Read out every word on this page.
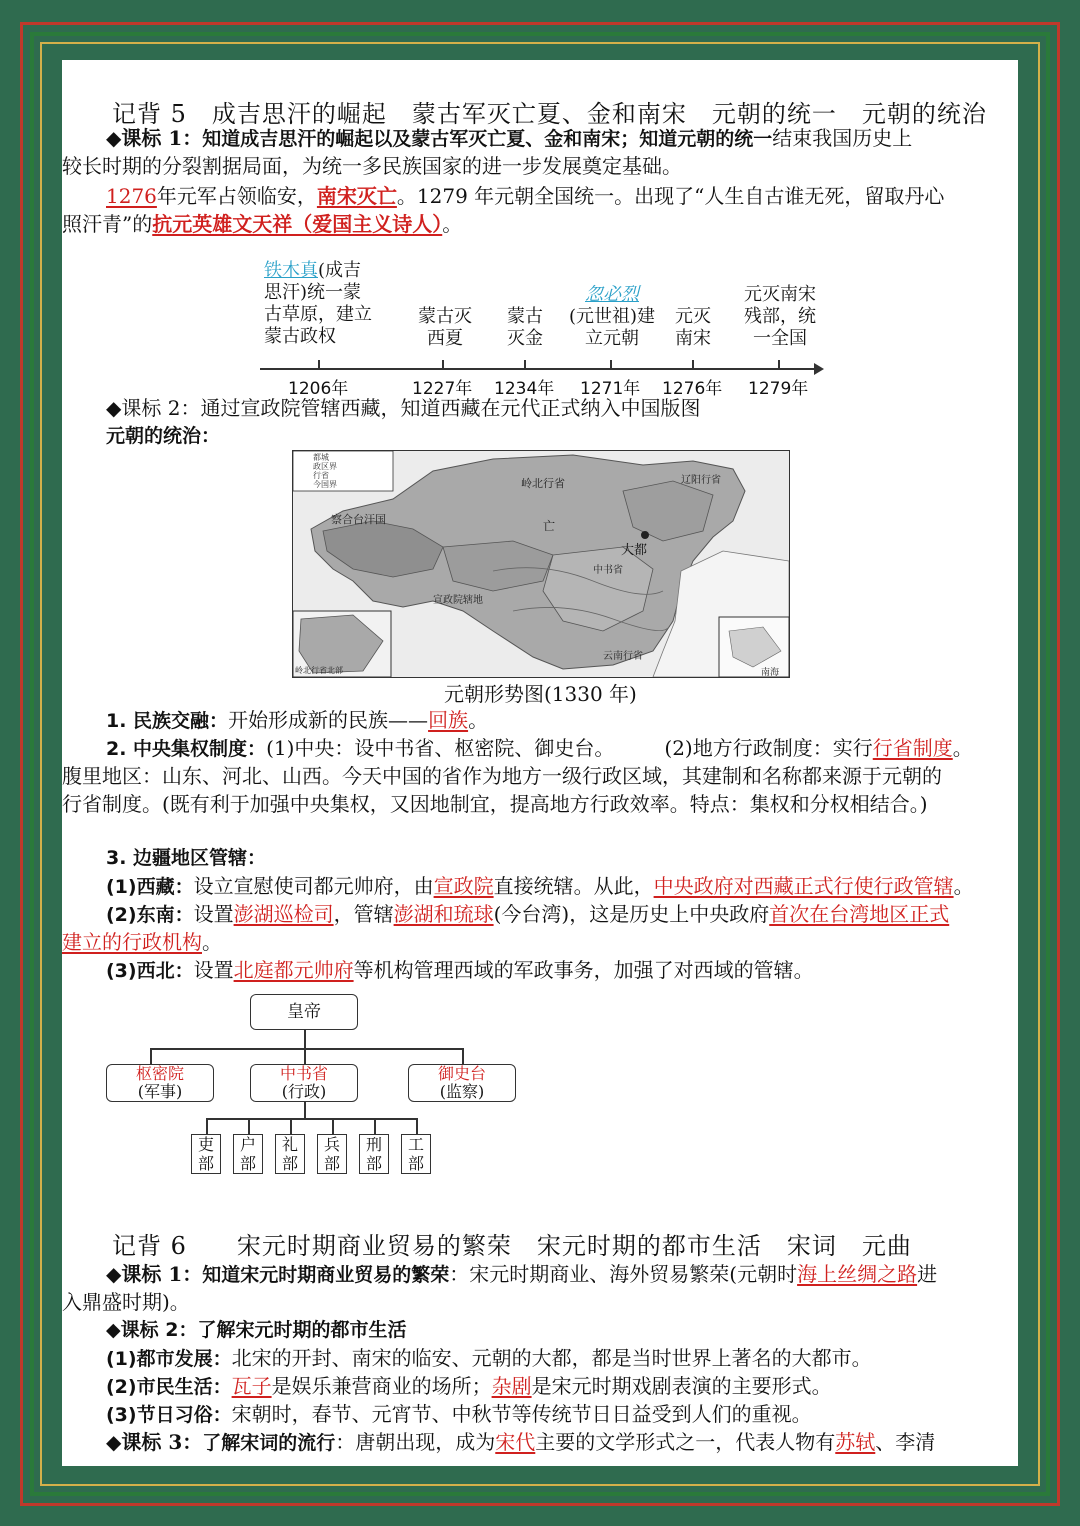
记背 5　成吉思汗的崛起　蒙古军灭亡夏、金和南宋　元朝的统一　元朝的统治
◆课标 1：知道成吉思汗的崛起以及蒙古军灭亡夏、金和南宋；知道元朝的统一结束我国历史上
较长时期的分裂割据局面，为统一多民族国家的进一步发展奠定基础。
1276年元军占领临安，南宋灭亡。1279 年元朝全国统一。出现了“人生自古谁无死，留取丹心
照汗青”的抗元英雄文天祥（爱国主义诗人）。
铁木真(成吉思汗)统一蒙古草原，建立蒙古政权
蒙古灭西夏
蒙古灭金
忽必烈
(元世祖)建立元朝
元灭南宋
元灭南宋残部，统一全国
1206年	1227年 1234年 1271年 1276年 1279年
◆课标 2：通过宣政院管辖西藏，知道西藏在元代正式纳入中国版图
元朝的统治：
都城
政区界
行省
今国界
大都
察合台汗国
岭北行省	辽阳行省
中书省
亡
宣政院辖地
云南行省
岭北行省北部	南海
元朝形势图(1330 年)
1. 民族交融：开始形成新的民族——回族。
2. 中央集权制度：(1)中央：设中书省、枢密院、御史台。	(2)地方行政制度：实行行省制度。
腹里地区：山东、河北、山西。今天中国的省作为地方一级行政区域，其建制和名称都来源于元朝的
行省制度。(既有利于加强中央集权，又因地制宜，提高地方行政效率。特点：集权和分权相结合。)
3. 边疆地区管辖：
(1)西藏：设立宣慰使司都元帅府，由宣政院直接统辖。从此，中央政府对西藏正式行使行政管辖。
(2)东南：设置澎湖巡检司，管辖澎湖和琉球(今台湾)，这是历史上中央政府首次在台湾地区正式
建立的行政机构。
(3)西北：设置北庭都元帅府等机构管理西域的军政事务，加强了对西域的管辖。
皇帝
枢密院
(军事)
中书省
(行政)
御史台
(监察)
吏
部
户
部
礼
部
兵
部
刑
部
工
部
记背 6 宋元时期商业贸易的繁荣　宋元时期的都市生活　宋词　元曲
◆课标 1：知道宋元时期商业贸易的繁荣：宋元时期商业、海外贸易繁荣(元朝时海上丝绸之路进
入鼎盛时期)。
◆课标 2：了解宋元时期的都市生活
(1)都市发展：北宋的开封、南宋的临安、元朝的大都，都是当时世界上著名的大都市。
(2)市民生活：瓦子是娱乐兼营商业的场所；杂剧是宋元时期戏剧表演的主要形式。
(3)节日习俗：宋朝时，春节、元宵节、中秋节等传统节日日益受到人们的重视。
◆课标 3：了解宋词的流行：唐朝出现，成为宋代主要的文学形式之一，代表人物有苏轼、李清
